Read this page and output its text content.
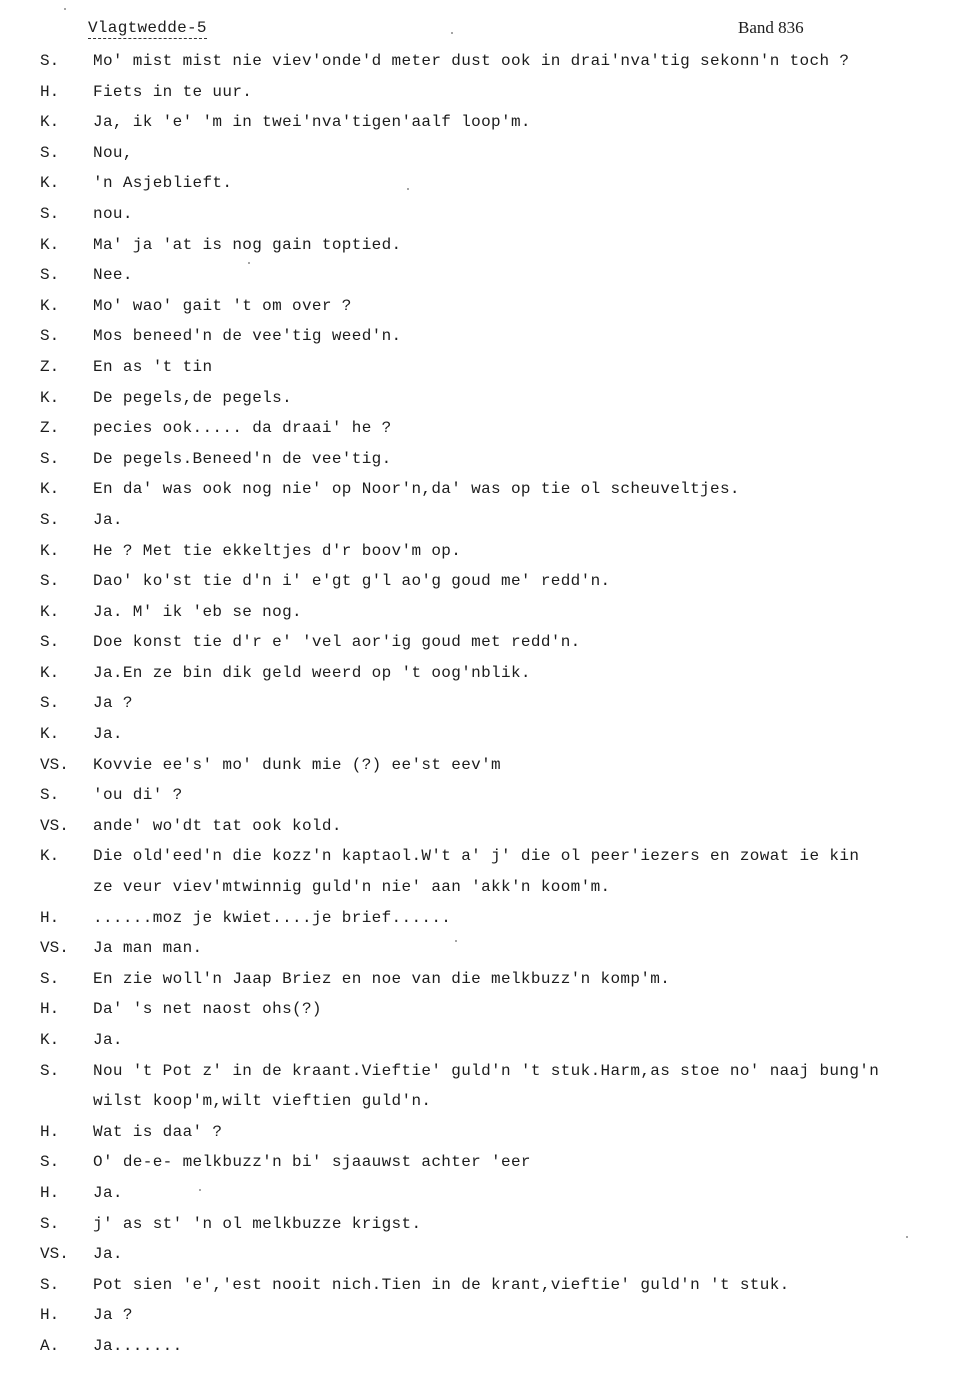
Vlagtwedde-5	Band 836
S.	Mo' mist mist nie viev'onde'd meter dust ook in drai'nva'tig sekonn'n toch ?
H.	Fiets in te uur.
K.	Ja, ik 'e' 'm in twei'nva'tigen'aalf loop'm.
S.	Nou,
K.	'n Asjeblieft.
S.	nou.
K.	Ma' ja 'at is nog gain toptied.
S.	Nee.
K.	Mo' wao' gait 't om over ?
S.	Mos beneed'n de vee'tig weed'n.
Z.	En as 't tin
K.	De pegels,de pegels.
Z.	pecies ook..... da draai' he ?
S.	De pegels.Beneed'n de vee'tig.
K.	En da' was ook nog nie' op Noor'n,da' was op tie ol scheuveltjes.
S.	Ja.
K.	He ? Met tie ekkeltjes d'r boov'm op.
S.	Dao' ko'st tie d'n i' e'gt g'l ao'g goud me' redd'n.
K.	Ja. M' ik 'eb se nog.
S.	Doe konst tie d'r e' 'vel aor'ig goud met redd'n.
K.	Ja.En ze bin dik geld weerd op 't oog'nblik.
S.	Ja ?
K.	Ja.
VS.	Kovvie ee's' mo' dunk mie (?) ee'st eev'm
S.	'ou di' ?
VS.	ande' wo'dt tat ook kold.
K.	Die old'eed'n die kozz'n kaptaol.W't a' j' die ol peer'iezers en zowat ie kin
ze veur viev'mtwinnig guld'n nie' aan 'akk'n koom'm.
H.	......moz je kwiet....je brief......
VS.	Ja man man.
S.	En zie woll'n Jaap Briez en noe van die melkbuzz'n komp'm.
H.	Da' 's net naost ohs(?)
K.	Ja.
S.	Nou 't Pot z' in de kraant.Vieftie' guld'n 't stuk.Harm,as stoe no' naaj bung'n
wilst koop'm,wilt vieftien guld'n.
H.	Wat is daa' ?
S.	O' de-e- melkbuzz'n bi' sjaauwst achter 'eer
H.	Ja.
S.	j' as st' 'n ol melkbuzze krigst.
VS.	Ja.
S.	Pot sien 'e','est nooit nich.Tien in de krant,vieftie' guld'n 't stuk.
H.	Ja ?
A.	Ja.......
